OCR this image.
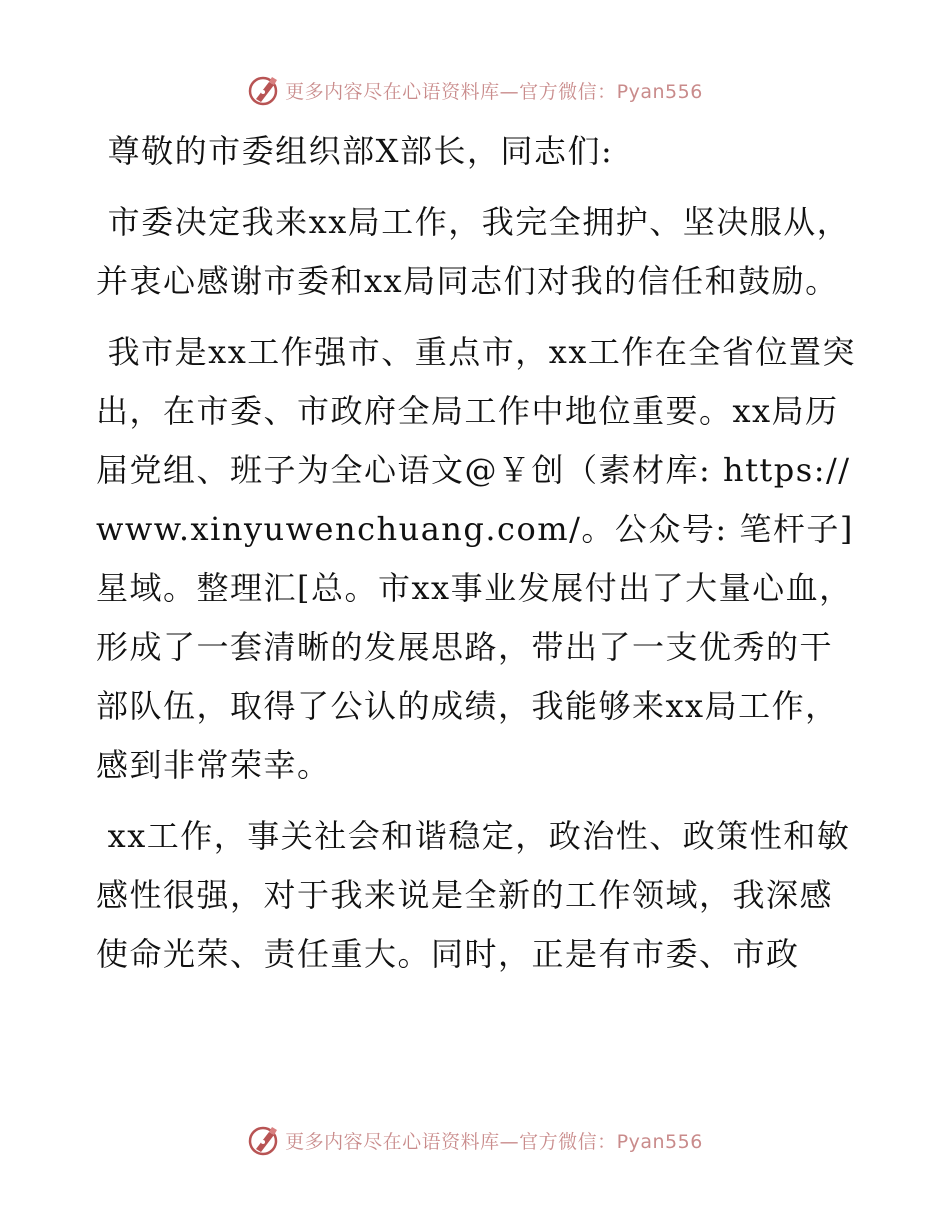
更多内容尽在心语资料库—官方微信：Pyan556

尊敬的市委组织部X部长，同志们:

市委决定我来xx局工作，我完全拥护、坚决服从，并衷心感谢市委和xx局同志们对我的信任和鼓励。

我市是xx工作强市、重点市，xx工作在全省位置突出，在市委、市政府全局工作中地位重要。xx局历届党组、班子为全心语文@￥创（素材库: https://www.xinyuwenchuang.com/。公众号: 笔杆子]星域。整理汇[总。市xx事业发展付出了大量心血，形成了一套清晰的发展思路，带出了一支优秀的干部队伍，取得了公认的成绩，我能够来xx局工作，感到非常荣幸。

xx工作，事关社会和谐稳定，政治性、政策性和敏感性很强，对于我来说是全新的工作领域，我深感使命光荣、责任重大。同时，正是有市委、市政

更多内容尽在心语资料库—官方微信：Pyan556
